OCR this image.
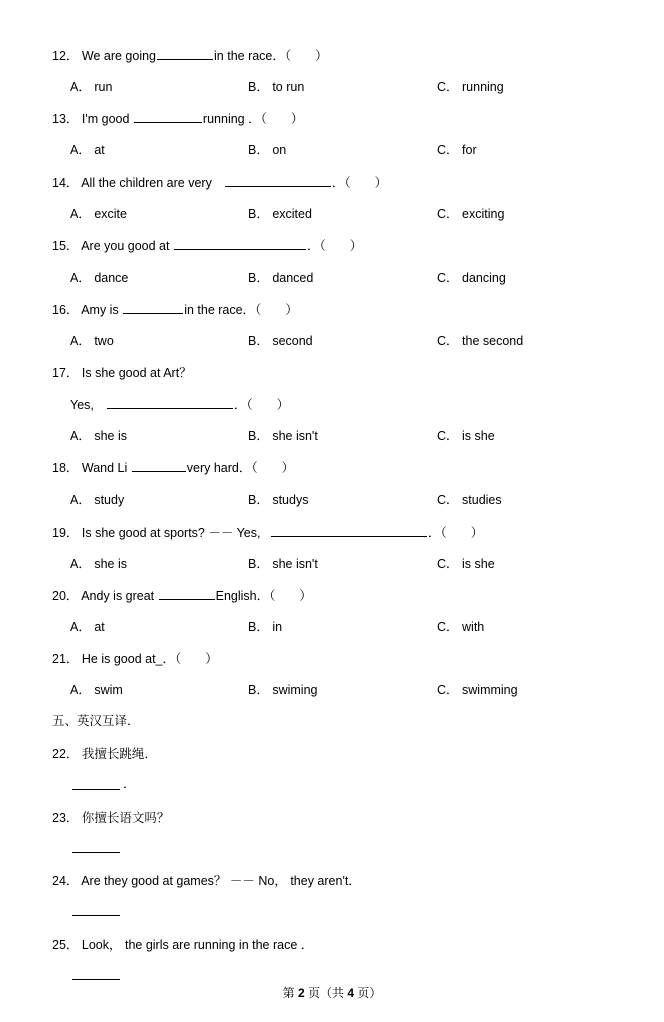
12． We are going	in the race．（ ）
A． run	B． to run	C． running
13． I'm good	running ．（ ）
A． at	B． on	C． for
14． All the children are very	．（ ）
A． excite	B． excited	C． exciting
15． Are you good at	．（ ）
A． dance	B． danced	C． dancing
16． Amy is	in the race．（ ）
A． two	B． second	C． the second
17． Is she good at Art？
Yes,	．（ ）
A． she is	B． she isn't	C． is she
18． Wand Li	very hard．（ ）
A． study	B． studys	C． studies
19． Is she good at sports? －－ Yes,	．（ ）
A． she is	B． she isn't	C． is she
20． Andy is great	English．（ ）
A． at	B． in	C． with
21． He is good at_．（ ）
A． swim	B． swiming	C． swimming
五、英汉互译．
22． 我擅长跳绳．
．
23． 你擅长语文吗？
24． Are they good at games？ －－ No， they aren't．
25． Look， the girls are running in the race ．
第 2 页（共 4 页）
